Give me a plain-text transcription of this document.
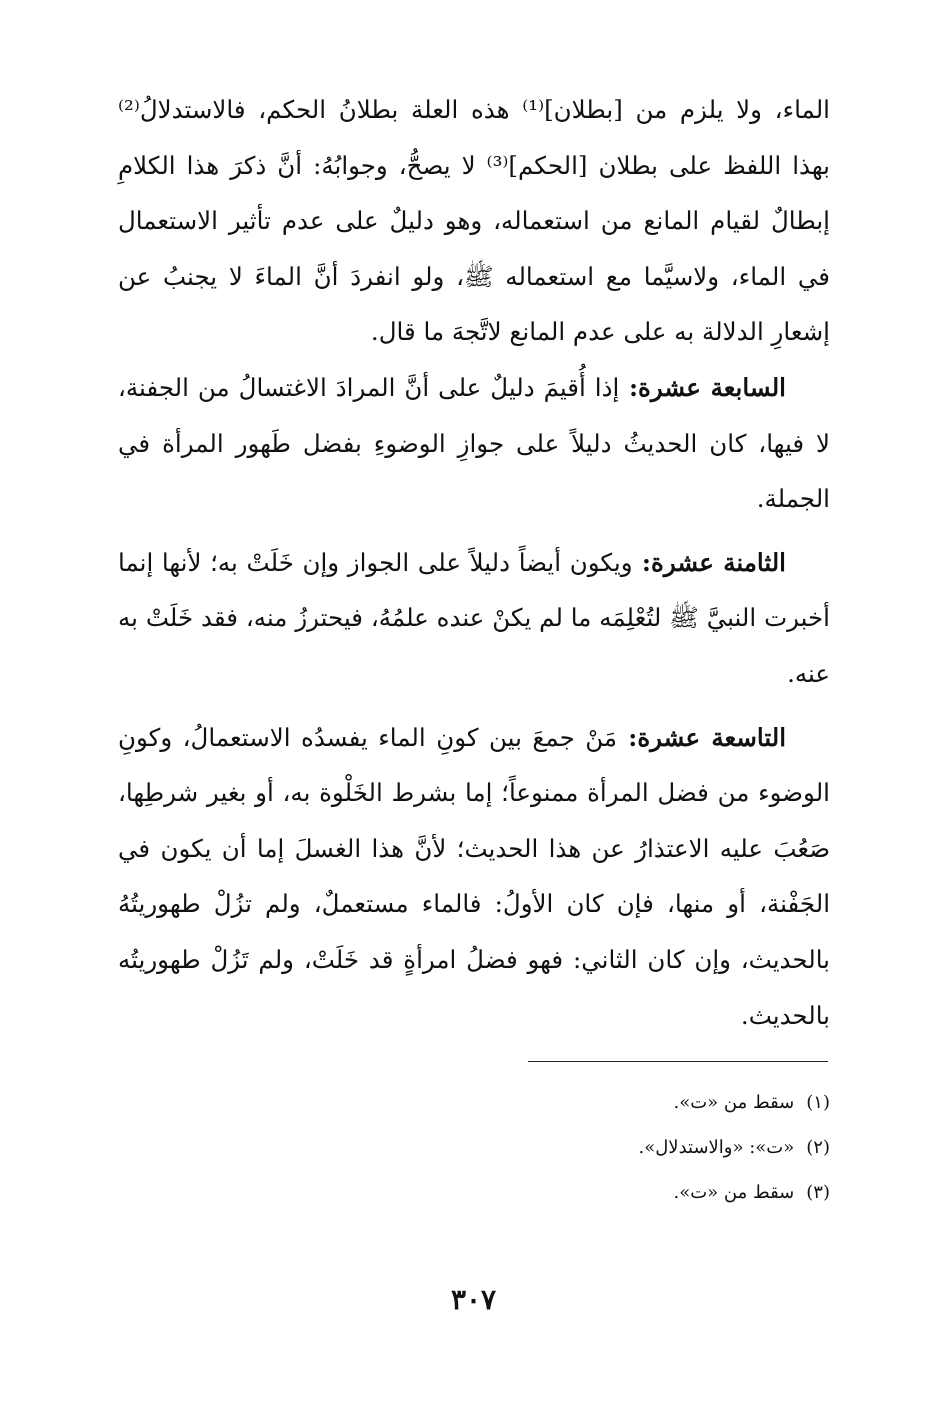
الماء، ولا يلزم من [بطلان]⁽¹⁾ هذه العلة بطلانُ الحكم، فالاستدلالُ⁽²⁾ بهذا اللفظ على بطلان [الحكم]⁽³⁾ لا يصحُّ، وجوابُهُ: أنَّ ذكرَ هذا الكلامِ إبطالٌ لقيام المانع من استعماله، وهو دليلٌ على عدم تأثير الاستعمال في الماء، ولاسيَّما مع استعماله ﷺ، ولو انفردَ أنَّ الماءَ لا يجنبُ عن إشعارِ الدلالة به على عدم المانع لاتَّجهَ ما قال.

السابعة عشرة: إذا أُقيمَ دليلٌ على أنَّ المرادَ الاغتسالُ من الجفنة، لا فيها، كان الحديثُ دليلاً على جوازِ الوضوءِ بفضل طَهور المرأة في الجملة.

الثامنة عشرة: ويكون أيضاً دليلاً على الجواز وإن خَلَتْ به؛ لأنها إنما أخبرت النبيَّ ﷺ لتُعْلِمَه ما لم يكنْ عنده علمُهُ، فيحترزُ منه، فقد خَلَتْ به عنه.

التاسعة عشرة: مَنْ جمعَ بين كونِ الماء يفسدُه الاستعمالُ، وكونِ الوضوء من فضل المرأة ممنوعاً؛ إما بشرط الخَلْوة به، أو بغير شرطِها، صَعُبَ عليه الاعتذارُ عن هذا الحديث؛ لأنَّ هذا الغسلَ إما أن يكون في الجَفْنة، أو منها، فإن كان الأولُ: فالماء مستعملٌ، ولم تزُلْ طهوريتُهُ بالحديث، وإن كان الثاني: فهو فضلُ امرأةٍ قد خَلَتْ، ولم تَزُلْ طهوريتُه بالحديث.

(١)سقط من «ت».

(٢)«ت»: «والاستدلال».

(٣)سقط من «ت».

٣٠٧
